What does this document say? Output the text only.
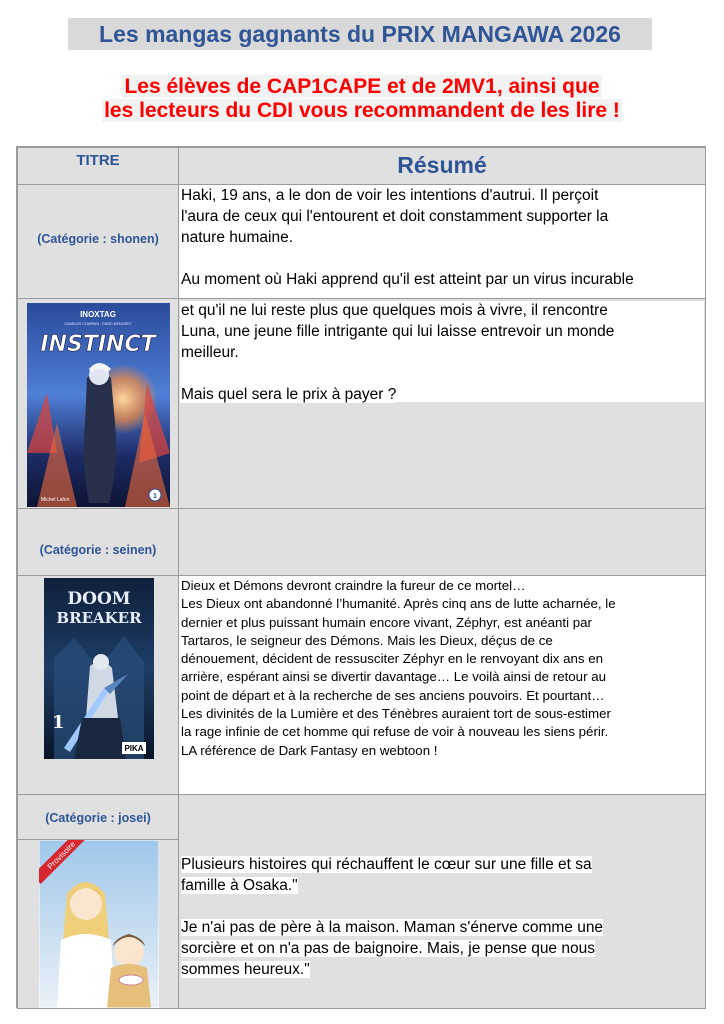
Les mangas gagnants du PRIX MANGAWA 2026
Les élèves de CAP1CAPE et de 2MV1, ainsi que
les lecteurs du CDI vous recommandent de les lire !
TITRE	Résumé
(Catégorie : shonen)
INOXTAG
CHARLES COMPAIN · DAVID MOUNSET
INSTINCT
Michel Lafon	1
(Catégorie : seinen)
DOOM
BREAKER
1
PIKA
(Catégorie : josei)
Provisoire
Haki, 19 ans, a le don de voir les intentions d'autrui. Il perçoit
l'aura de ceux qui l'entourent et doit constamment supporter la
nature humaine.
Au moment où Haki apprend qu'il est atteint par un virus incurable
et qu'il ne lui reste plus que quelques mois à vivre, il rencontre
Luna, une jeune fille intrigante qui lui laisse entrevoir un monde
meilleur.
Mais quel sera le prix à payer ?
Dieux et Démons devront craindre la fureur de ce mortel…
Les Dieux ont abandonné l’humanité. Après cinq ans de lutte acharnée, le
dernier et plus puissant humain encore vivant, Zéphyr, est anéanti par
Tartaros, le seigneur des Démons. Mais les Dieux, déçus de ce
dénouement, décident de ressusciter Zéphyr en le renvoyant dix ans en
arrière, espérant ainsi se divertir davantage… Le voilà ainsi de retour au
point de départ et à la recherche de ses anciens pouvoirs. Et pourtant…
Les divinités de la Lumière et des Ténèbres auraient tort de sous-estimer
la rage infinie de cet homme qui refuse de voir à nouveau les siens périr.
LA référence de Dark Fantasy en webtoon !
Plusieurs histoires qui réchauffent le cœur sur une fille et sa
famille à Osaka."
Je n'ai pas de père à la maison. Maman s'énerve comme une
sorcière et on n'a pas de baignoire. Mais, je pense que nous
sommes heureux."
